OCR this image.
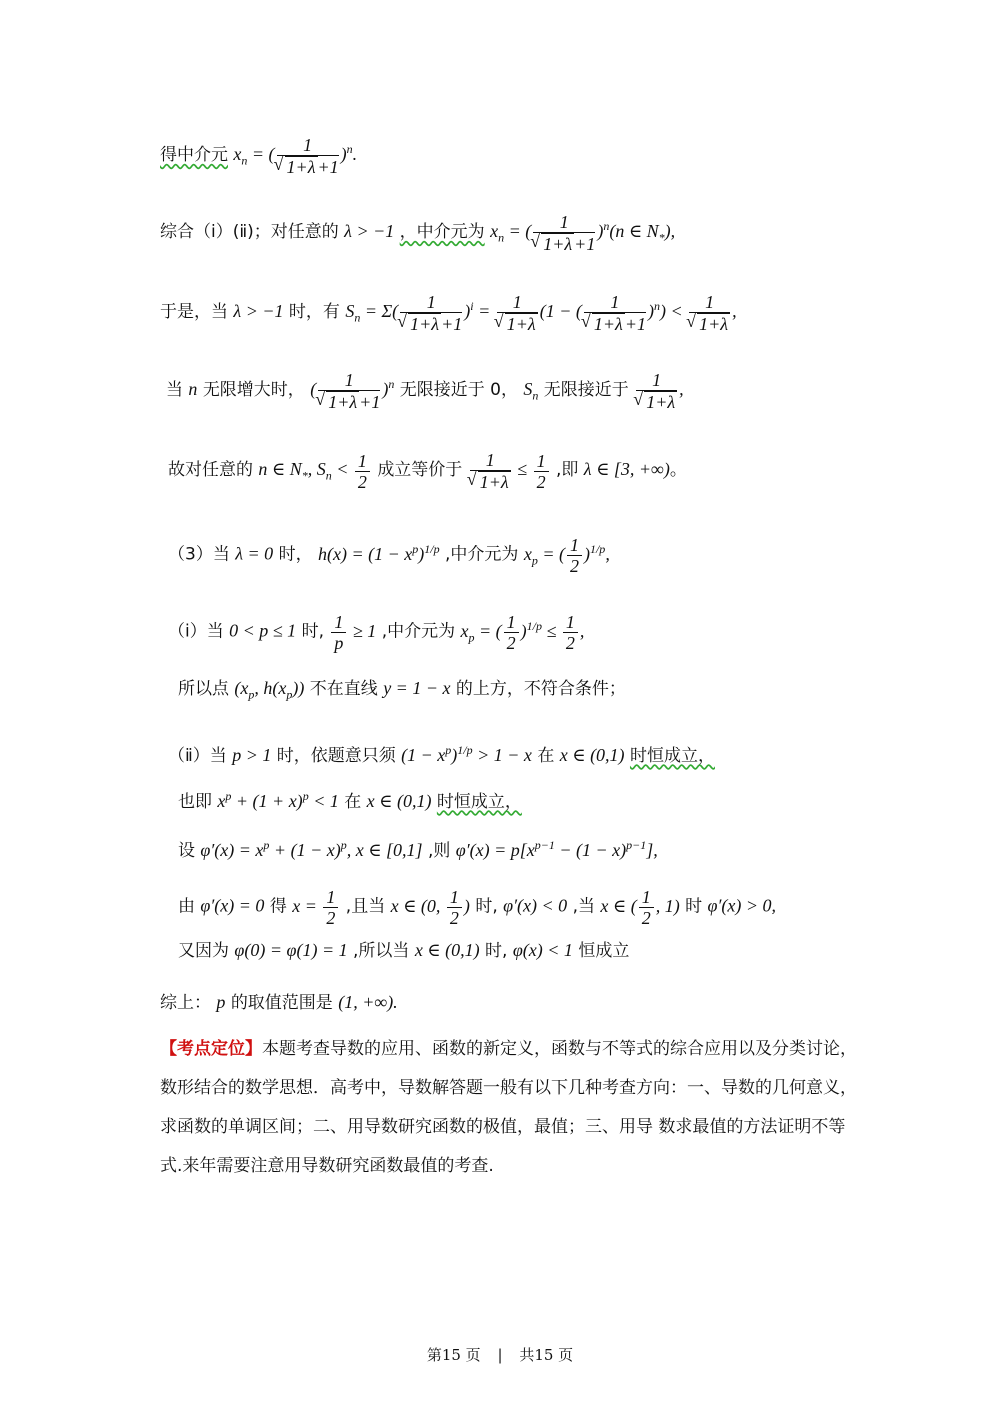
得中介元 $x_n$ = ( 1
√ 1+λ +1 )$^n$.
综合（ⅰ）(ⅱ)；对任意的 λ > −1 ，中介元为 $x_n$ = ( 1
√ 1+λ +1 )$^n$(n ∈ $N_*$),
于是，当 λ > −1 时，有 $S_n = \Sigma$( 1
√ 1+λ +1 )$^i$ = 1
√ 1+λ (1 − ( 1
√ 1+λ +1 )$^n$) < 1
√ 1+λ ,
当 n 无限增大时， ( 1
√ 1+λ +1 )$^n$ 无限接近于 0， $S_n$ 无限接近于 1
√ 1+λ ,
故对任意的 n ∈ $N_*$, $S_n < \frac{1}{2}$ 成立等价于 1
√ $1+\lambda \le \frac{1}{2}$ ,即 λ ∈ [3, +∞)。
（3）当 λ = 0 时， $h(x) = (1 - x^p)^{1/p}$ ,中介元为 $x_p$ = ( $\frac{1}{2} )^{1/p}$,
（ⅰ）当 0 < p ≤ 1 时, $\frac{1}{p} \ge 1$ ,中介元为 $x_p$ = ( $\frac{1}{2} )^{1/p} \le \frac{1}{2}$ ,
所以点 ($x_p$, $h(x_p)$) 不在直线 y = 1 − x 的上方，不符合条件；
（ⅱ）当 p > 1 时，依题意只须 $(1 - x^p)^{1/p} > 1 - x$ 在 x ∈ (0,1) 时恒成立，
也即 $x^p + (1 + x)^p < 1$ 在 x ∈ (0,1) 时恒成立，
设 $\varphi'(x) = x^p + (1 - x)^p$, x ∈ [0,1] ,则 $\varphi'(x) = p[x^{p-1} - (1 - x)^{p-1}]$,
由 φ′(x) = 0 得 $x = \frac{1}{2}$ ,且当 x ∈ (0, $\frac{1}{2}$ ) 时, φ′(x) < 0 ,当 x ∈ ( $\frac{1}{2}$ , 1) 时 φ′(x) > 0,
又因为 φ(0) = φ(1) = 1 ,所以当 x ∈ (0,1) 时, φ(x) < 1 恒成立
综上： p 的取值范围是 (1, +∞).
【考点定位】本题考查导数的应用、函数的新定义，函数与不等式的综合应用以及分类讨论，数形结合的数学思想．高考中，导数解答题一般有以下几种考查方向：一、导数的几何意义，求函数的单调区间；二、用导数研究函数的极值，最值；三、用导 数求最值的方法证明不等式.来年需要注意用导数研究函数最值的考查.
第15 页 | 共15 页
